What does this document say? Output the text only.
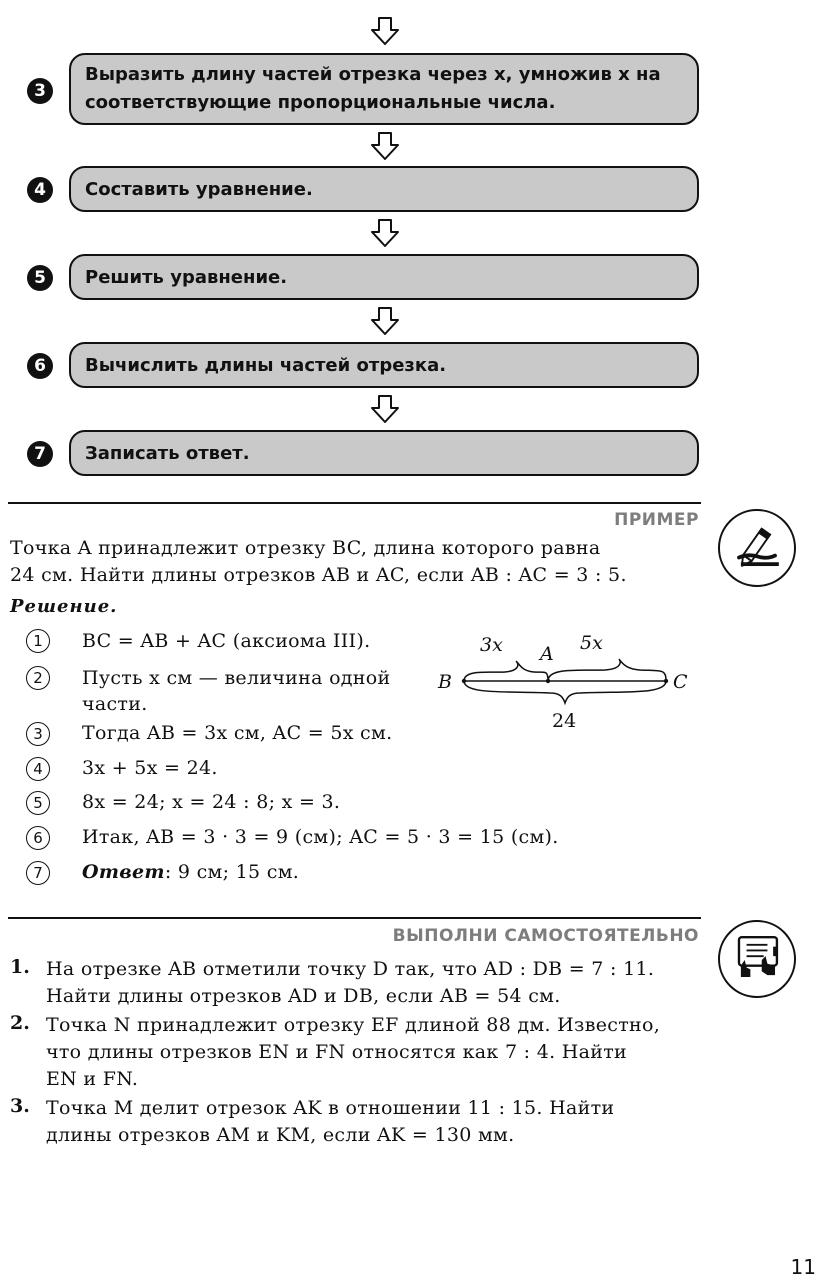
3
Выразить длину частей отрезка через x, умножив x на
соответствующие пропорциональные числа.
4	Составить уравнение.
5	Решить уравнение.
6	Вычислить длины частей отрезка.
7	Записать ответ.
ПРИМЕР
Точка A принадлежит отрезку BC, длина которого равна
24 см. Найти длины отрезков AB и AC, если AB : AC = 3 : 5.
Решение.
1	BC = AB + AC (аксиома III).
2	Пусть x см — величина одной
части.
3	Тогда AB = 3x см, AC = 5x см.
4	3x + 5x = 24.
5	8x = 24; x = 24 : 8; x = 3.
6	Итак, AB = 3 · 3 = 9 (см); AC = 5 · 3 = 15 (см).
7	Ответ: 9 см; 15 см.
3x	5x
A
B	C
24
ВЫПОЛНИ САМОСТОЯТЕЛЬНО
1. На отрезке AB отметили точку D так, что AD : DB = 7 : 11.
Найти длины отрезков AD и DB, если AB = 54 см.
2. Точка N принадлежит отрезку EF длиной 88 дм. Известно,
что длины отрезков EN и FN относятся как 7 : 4. Найти
EN и FN.
3. Точка M делит отрезок AK в отношении 11 : 15. Найти
длины отрезков AM и KM, если AK = 130 мм.
11
